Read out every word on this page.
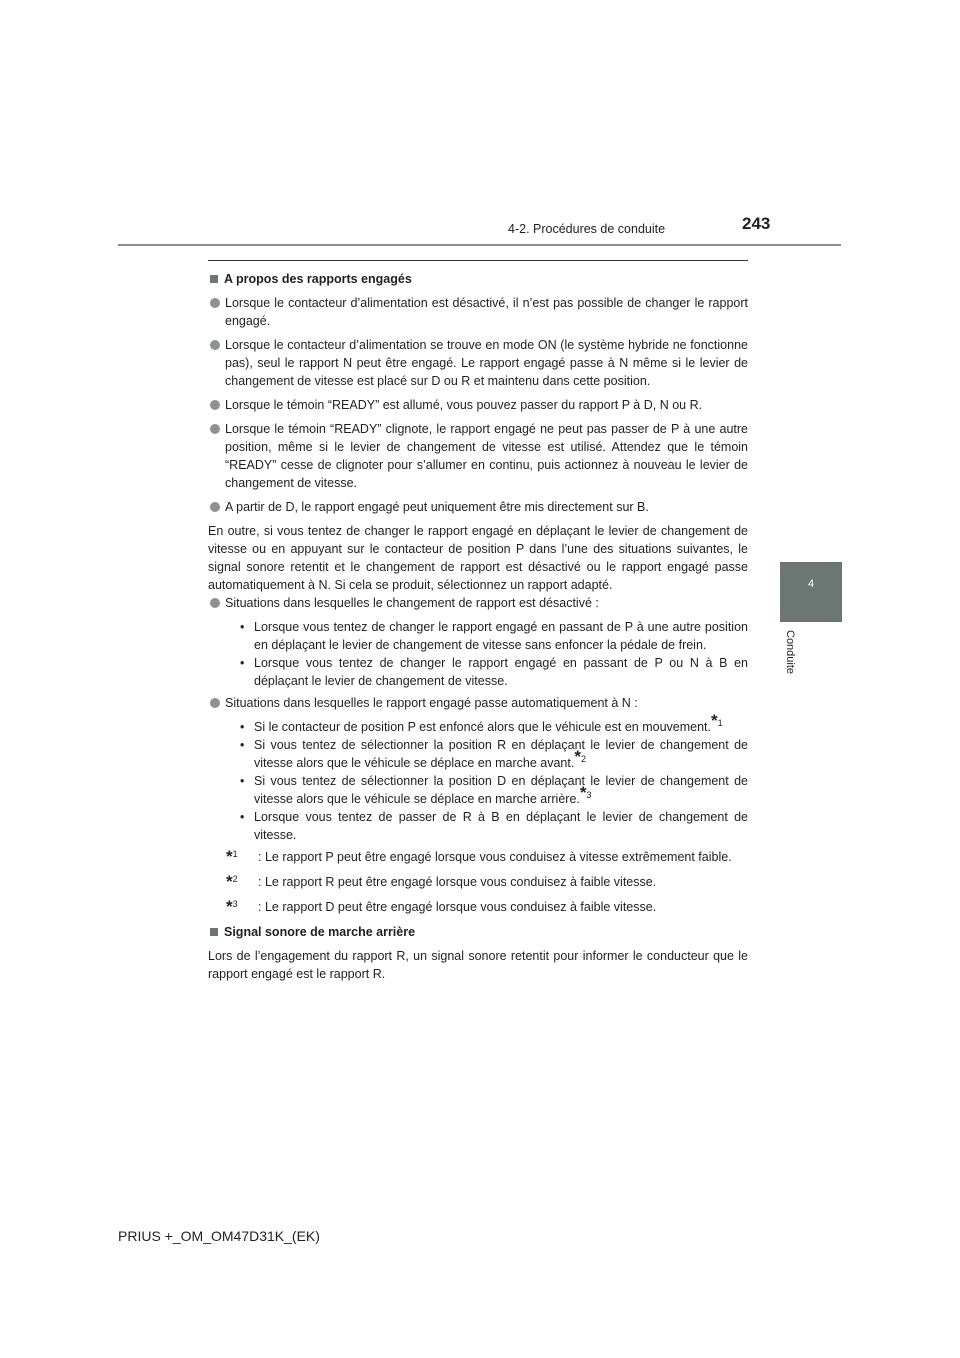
4-2. Procédures de conduite	243
4
Conduite
A propos des rapports engagés
Lorsque le contacteur d’alimentation est désactivé, il n’est pas possible de changer le rapport engagé.
Lorsque le contacteur d’alimentation se trouve en mode ON (le système hybride ne fonctionne pas), seul le rapport N peut être engagé. Le rapport engagé passe à N même si le levier de changement de vitesse est placé sur D ou R et maintenu dans cette position.
Lorsque le témoin “READY” est allumé, vous pouvez passer du rapport P à D, N ou R.
Lorsque le témoin “READY” clignote, le rapport engagé ne peut pas passer de P à une autre position, même si le levier de changement de vitesse est utilisé. Attendez que le témoin “READY” cesse de clignoter pour s’allumer en continu, puis actionnez à nouveau le levier de changement de vitesse.
A partir de D, le rapport engagé peut uniquement être mis directement sur B.

En outre, si vous tentez de changer le rapport engagé en déplaçant le levier de changement de vitesse ou en appuyant sur le contacteur de position P dans l’une des situations suivantes, le signal sonore retentit et le changement de rapport est désactivé ou le rapport engagé passe automatiquement à N. Si cela se produit, sélectionnez un rapport adapté.

Situations dans lesquelles le changement de rapport est désactivé :
• Lorsque vous tentez de changer le rapport engagé en passant de P à une autre position en déplaçant le levier de changement de vitesse sans enfoncer la pédale de frein.
• Lorsque vous tentez de changer le rapport engagé en passant de P ou N à B en déplaçant le levier de changement de vitesse.
Situations dans lesquelles le rapport engagé passe automatiquement à N :
• Si le contacteur de position P est enfoncé alors que le véhicule est en mouvement.$^{*1}$
• Si vous tentez de sélectionner la position R en déplaçant le levier de changement de vitesse alors que le véhicule se déplace en marche avant.$^{*2}$
• Si vous tentez de sélectionner la position D en déplaçant le levier de changement de vitesse alors que le véhicule se déplace en marche arrière.$^{*3}$
• Lorsque vous tentez de passer de R à B en déplaçant le levier de changement de vitesse.
*$^1$	: Le rapport P peut être engagé lorsque vous conduisez à vitesse extrêmement faible.
*$^2$	: Le rapport R peut être engagé lorsque vous conduisez à faible vitesse.
*$^3$	: Le rapport D peut être engagé lorsque vous conduisez à faible vitesse.
Signal sonore de marche arrière

Lors de l’engagement du rapport R, un signal sonore retentit pour informer le conducteur que le rapport engagé est le rapport R.

PRIUS +_OM_OM47D31K_(EK)
